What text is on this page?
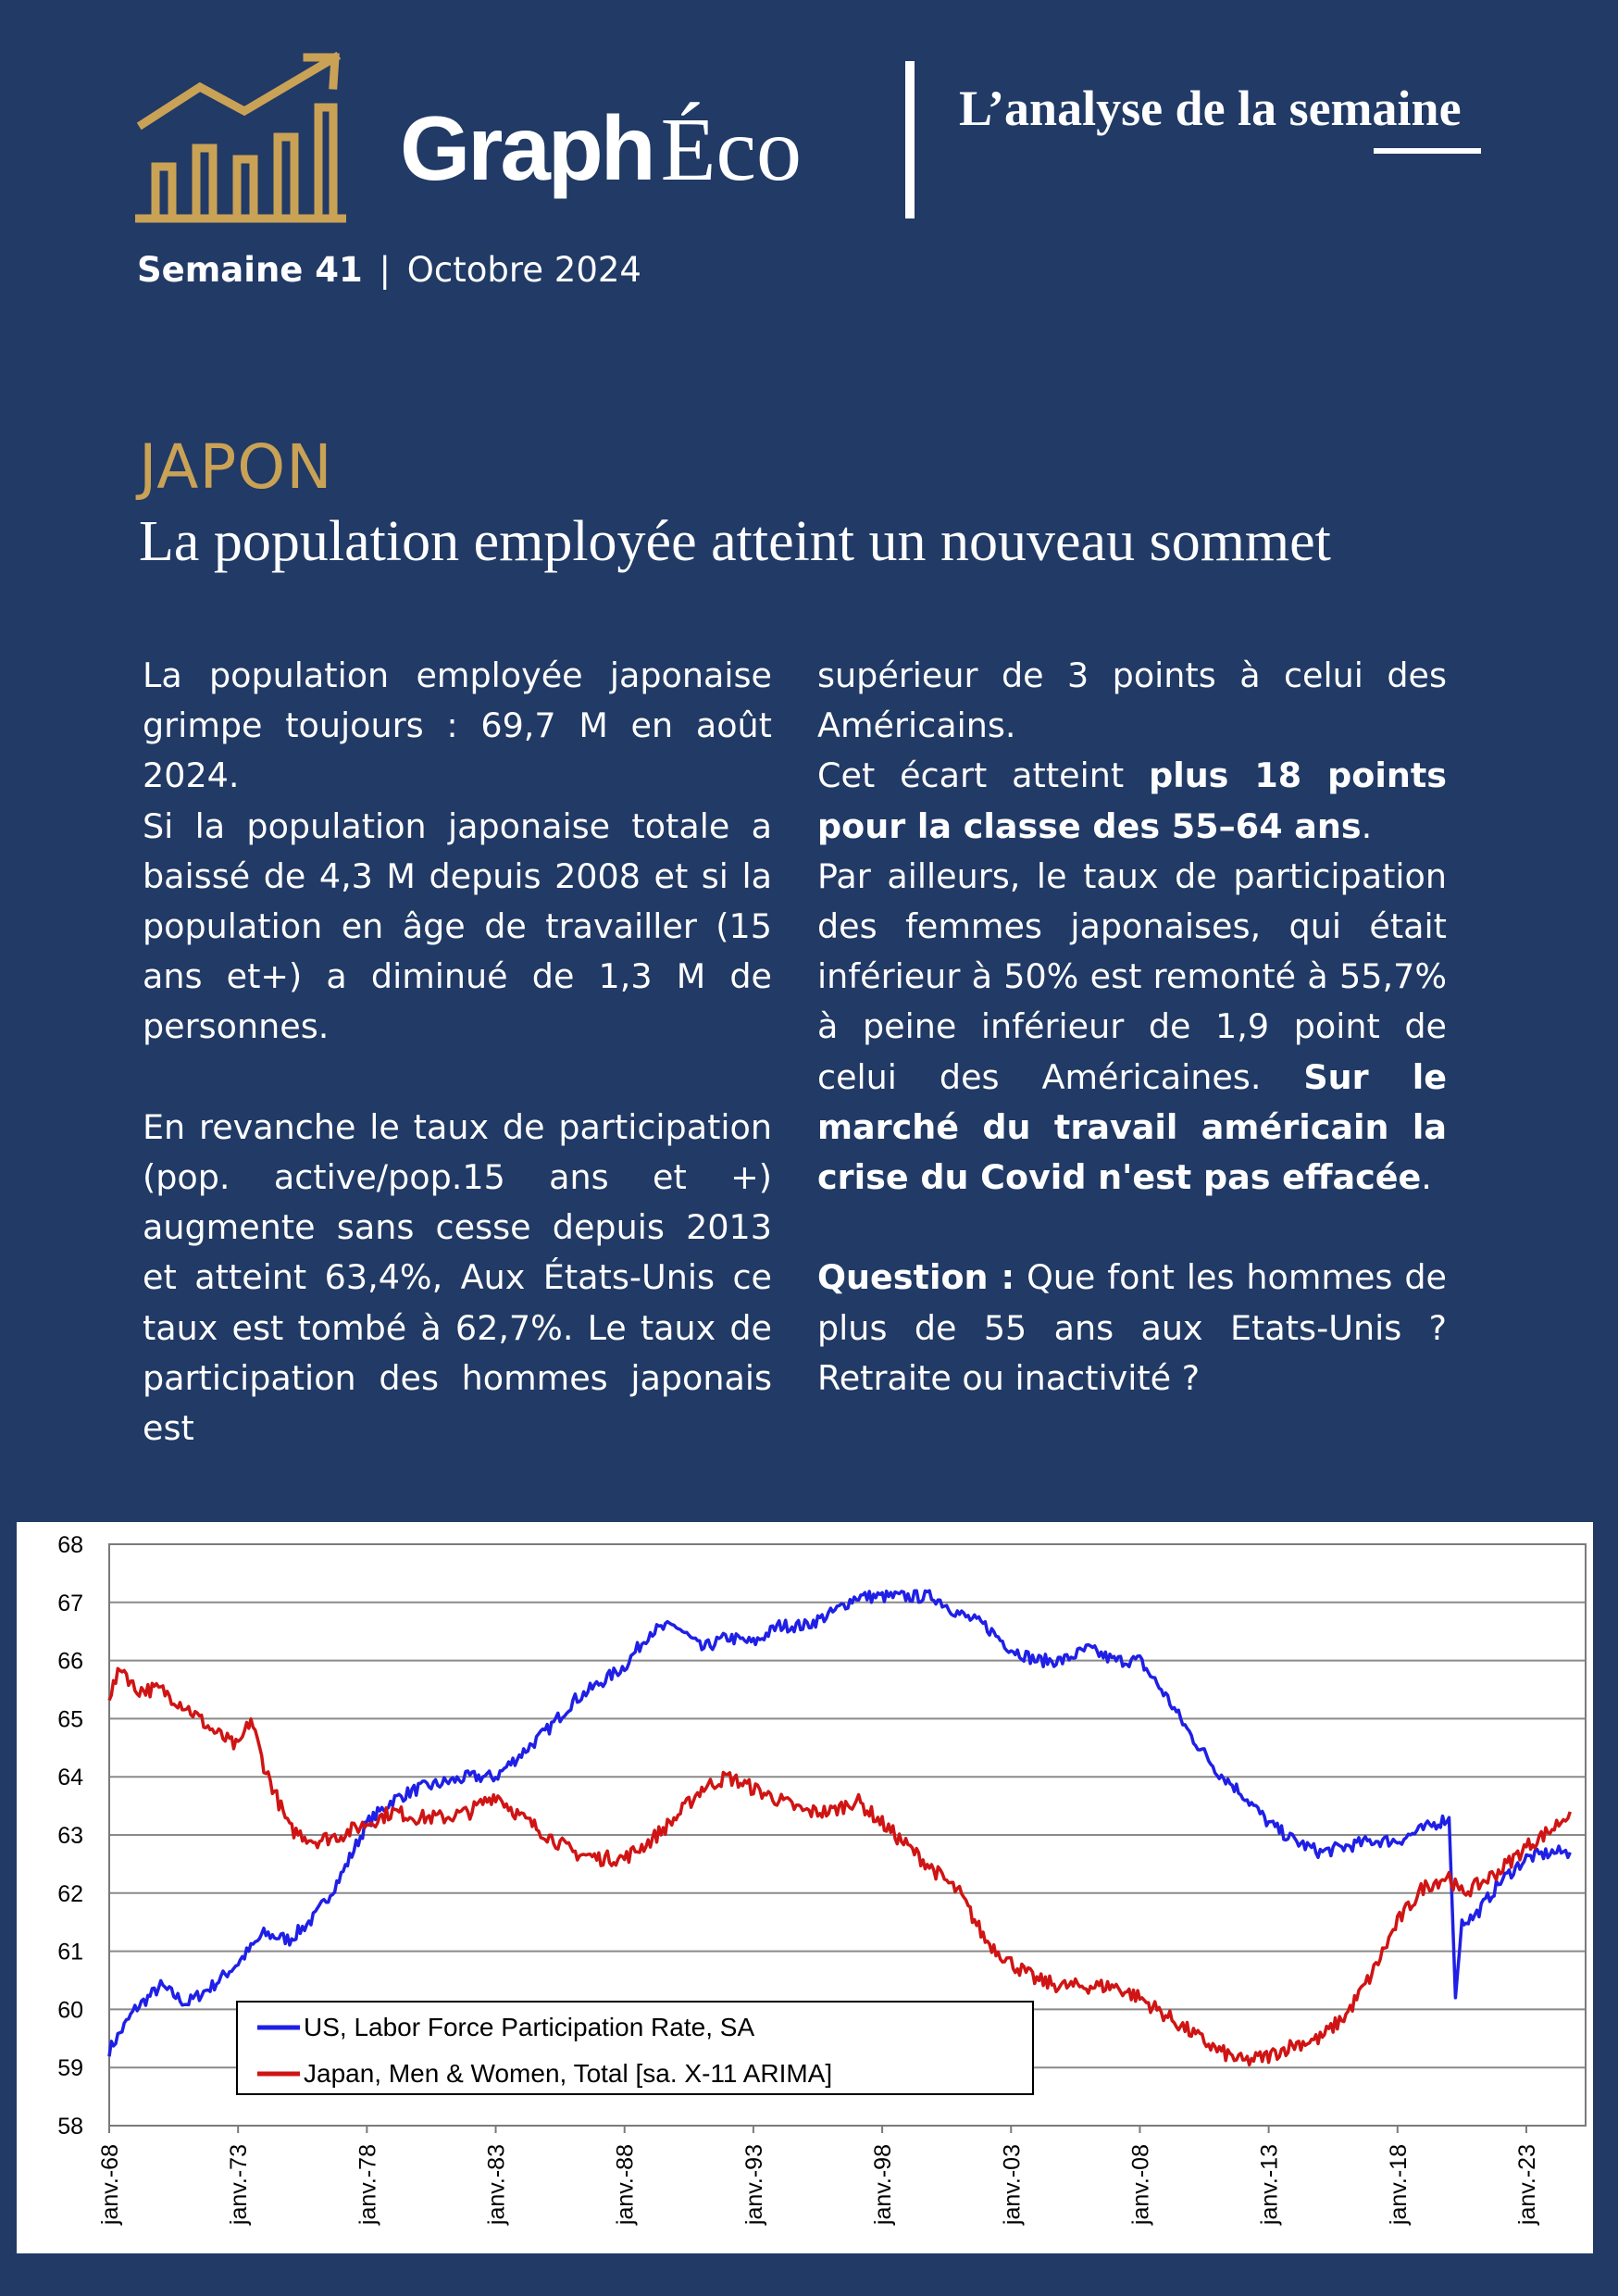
GraphÉco	L’analyse de la semaine
Semaine 41 | Octobre 2024
JAPON
La population employée atteint un nouveau sommet

La population employée japonaise grimpe toujours : 69,7 M en août 2024.

Si la population japonaise totale a baissé de 4,3 M depuis 2008 et si la population en âge de travailler (15 ans et+) a diminué de 1,3 M de personnes.

En revanche le taux de participation (pop. active/pop.15 ans et +) augmente sans cesse depuis 2013 et atteint 63,4%, Aux États-Unis ce taux est tombé à 62,7%. Le taux de participation des hommes japonais est

supérieur de 3 points à celui des Américains.

Cet écart atteint plus 18 points pour la classe des 55–64 ans.

Par ailleurs, le taux de participation des femmes japonaises, qui était inférieur à 50% est remonté à 55,7% à peine inférieur de 1,9 point de celui des Américaines. Sur le marché du travail américain la crise du Covid n'est pas effacée.

Question : Que font les hommes de plus de 55 ans aux Etats-Unis ? Retraite ou inactivité ?

68
67
66
65
64
63
62
61
60
59
58
janv.-68	janv.-73	janv.-78	janv.-83	janv.-88	janv.-93	janv.-98	janv.-03	janv.-08	janv.-13	janv.-18	janv.-23
US, Labor Force Participation Rate, SA
Japan, Men & Women, Total [sa. X-11 ARIMA]
